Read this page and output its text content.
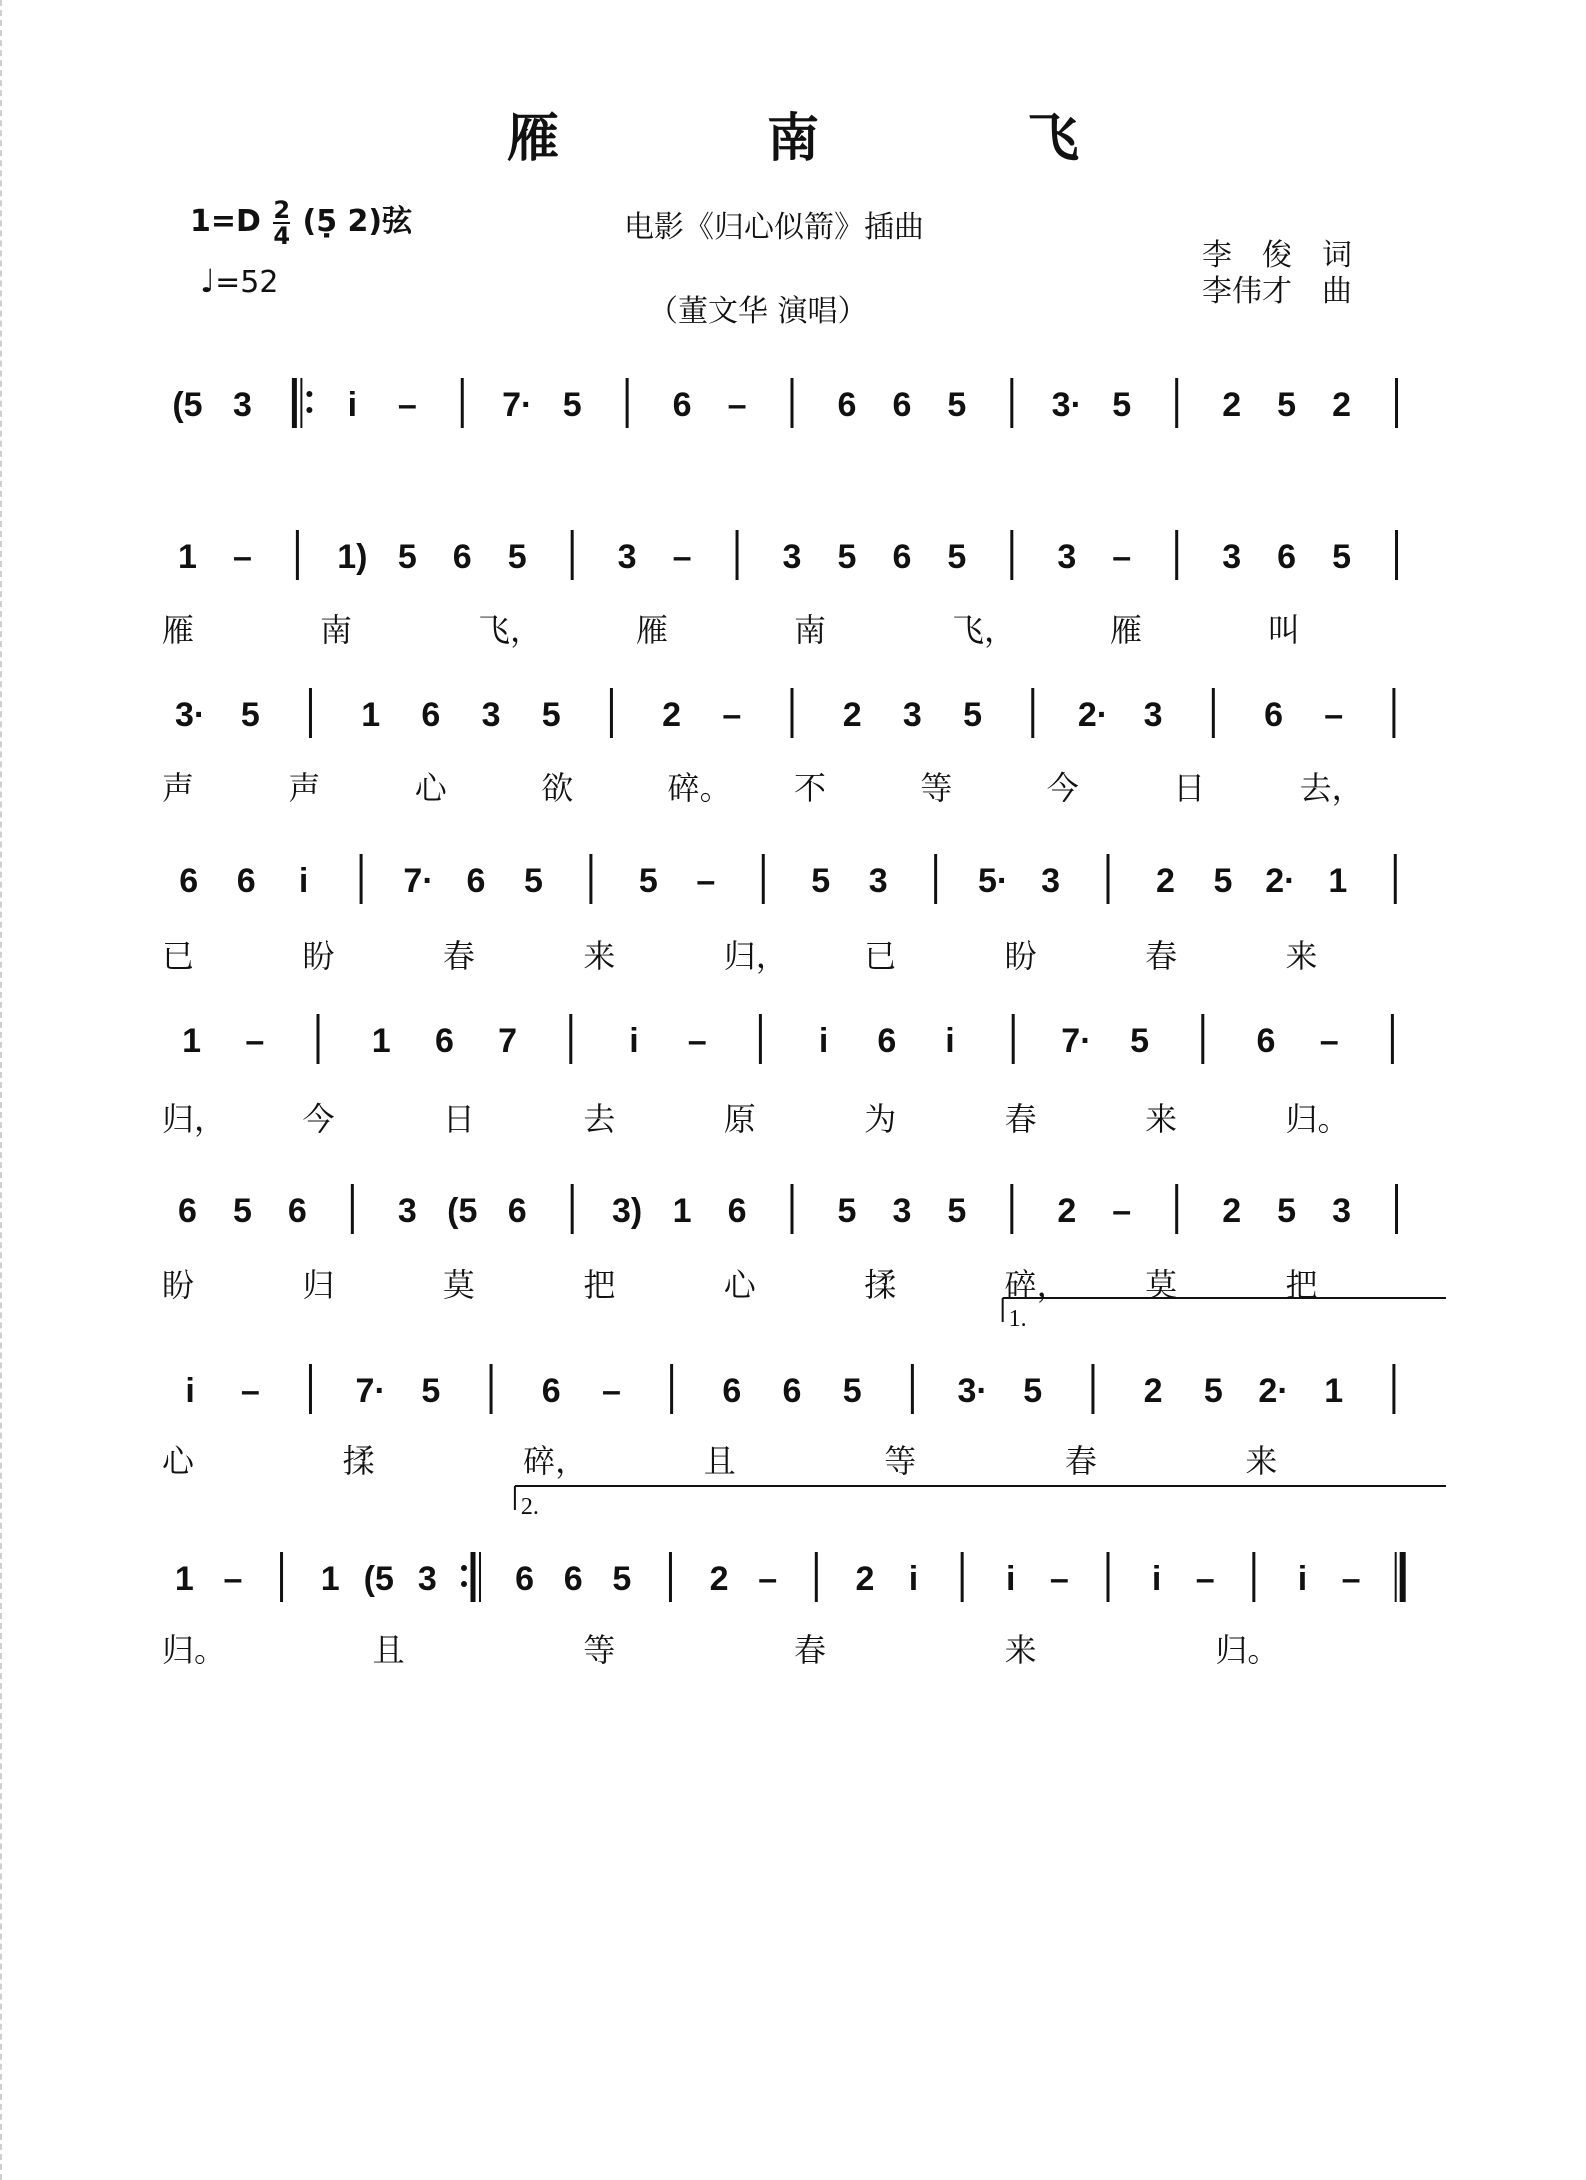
雁　南　飞
$1=D \frac{2}{4}$ (5̣ 2)弦
♩=52
电影《归心似箭》插曲
（董文华 演唱）
李　俊　词
李伟才　曲
(5 3	i –	7· 5	6 –	6 6 5	3· 5	2 5 2
1 –	1) 5 6 5	3 –	3 5 6 5	3 –	3 6 5
3· 5	1 6 3 5	2 –	2 3 5	2· 3	6 –
6 6 i	7· 6 5	5 –	5 3	5· 3	2 5 2· 1
1 –	1 6 7	i –	i 6 i	7· 5	6 –
6 5 6	3 (5 6	3) 1 6	5 3 5	2 –	2 5 3
i –	7· 5	6 –	6 6 5	3· 5	2 5 2· 1
1.
1 – 1 (5 3 6 6 5 2 – 2 i	i – i – i –
2.
雁	南	飞，	雁	南	飞，	雁	叫
声	声	心	欲	碎。 不	等	今	日	去，
已	盼	春	来	归， 已	盼	春	来
归， 今	日	去	原	为	春	来	归。
盼	归	莫	把	心	揉	碎， 莫	把
心	揉	碎，	且	等	春	来
归。	且	等	春	来	归。
